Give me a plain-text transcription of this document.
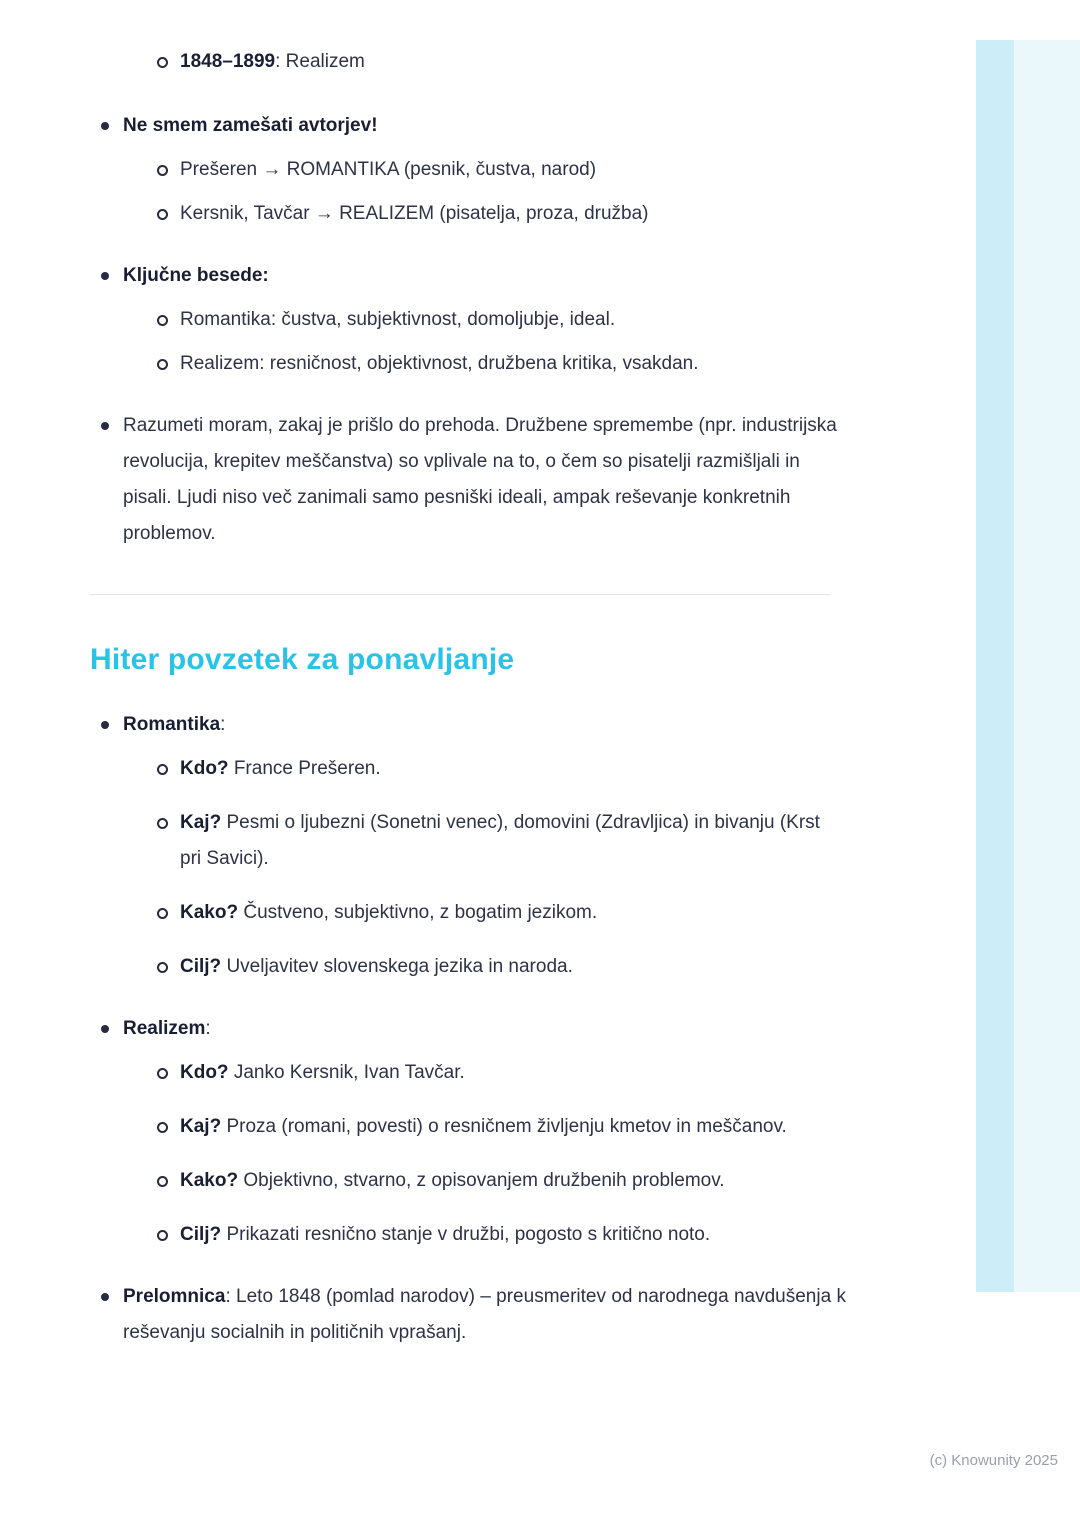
1848–1899: Realizem
Ne smem zamešati avtorjev!
Prešeren → ROMANTIKA (pesnik, čustva, narod)
Kersnik, Tavčar → REALIZEM (pisatelja, proza, družba)
Ključne besede:
Romantika: čustva, subjektivnost, domoljubje, ideal.
Realizem: resničnost, objektivnost, družbena kritika, vsakdan.
Razumeti moram, zakaj je prišlo do prehoda. Družbene spremembe (npr. industrijska revolucija, krepitev meščanstva) so vplivale na to, o čem so pisatelji razmišljali in pisali. Ljudi niso več zanimali samo pesniški ideali, ampak reševanje konkretnih problemov.
Hiter povzetek za ponavljanje
Romantika:
Kdo? France Prešeren.
Kaj? Pesmi o ljubezni (Sonetni venec), domovini (Zdravljica) in bivanju (Krst pri Savici).
Kako? Čustveno, subjektivno, z bogatim jezikom.
Cilj? Uveljavitev slovenskega jezika in naroda.
Realizem:
Kdo? Janko Kersnik, Ivan Tavčar.
Kaj? Proza (romani, povesti) o resničnem življenju kmetov in meščanov.
Kako? Objektivno, stvarno, z opisovanjem družbenih problemov.
Cilj? Prikazati resnično stanje v družbi, pogosto s kritično noto.
Prelomnica: Leto 1848 (pomlad narodov) – preusmeritev od narodnega navdušenja k reševanju socialnih in političnih vprašanj.
(c) Knowunity 2025
